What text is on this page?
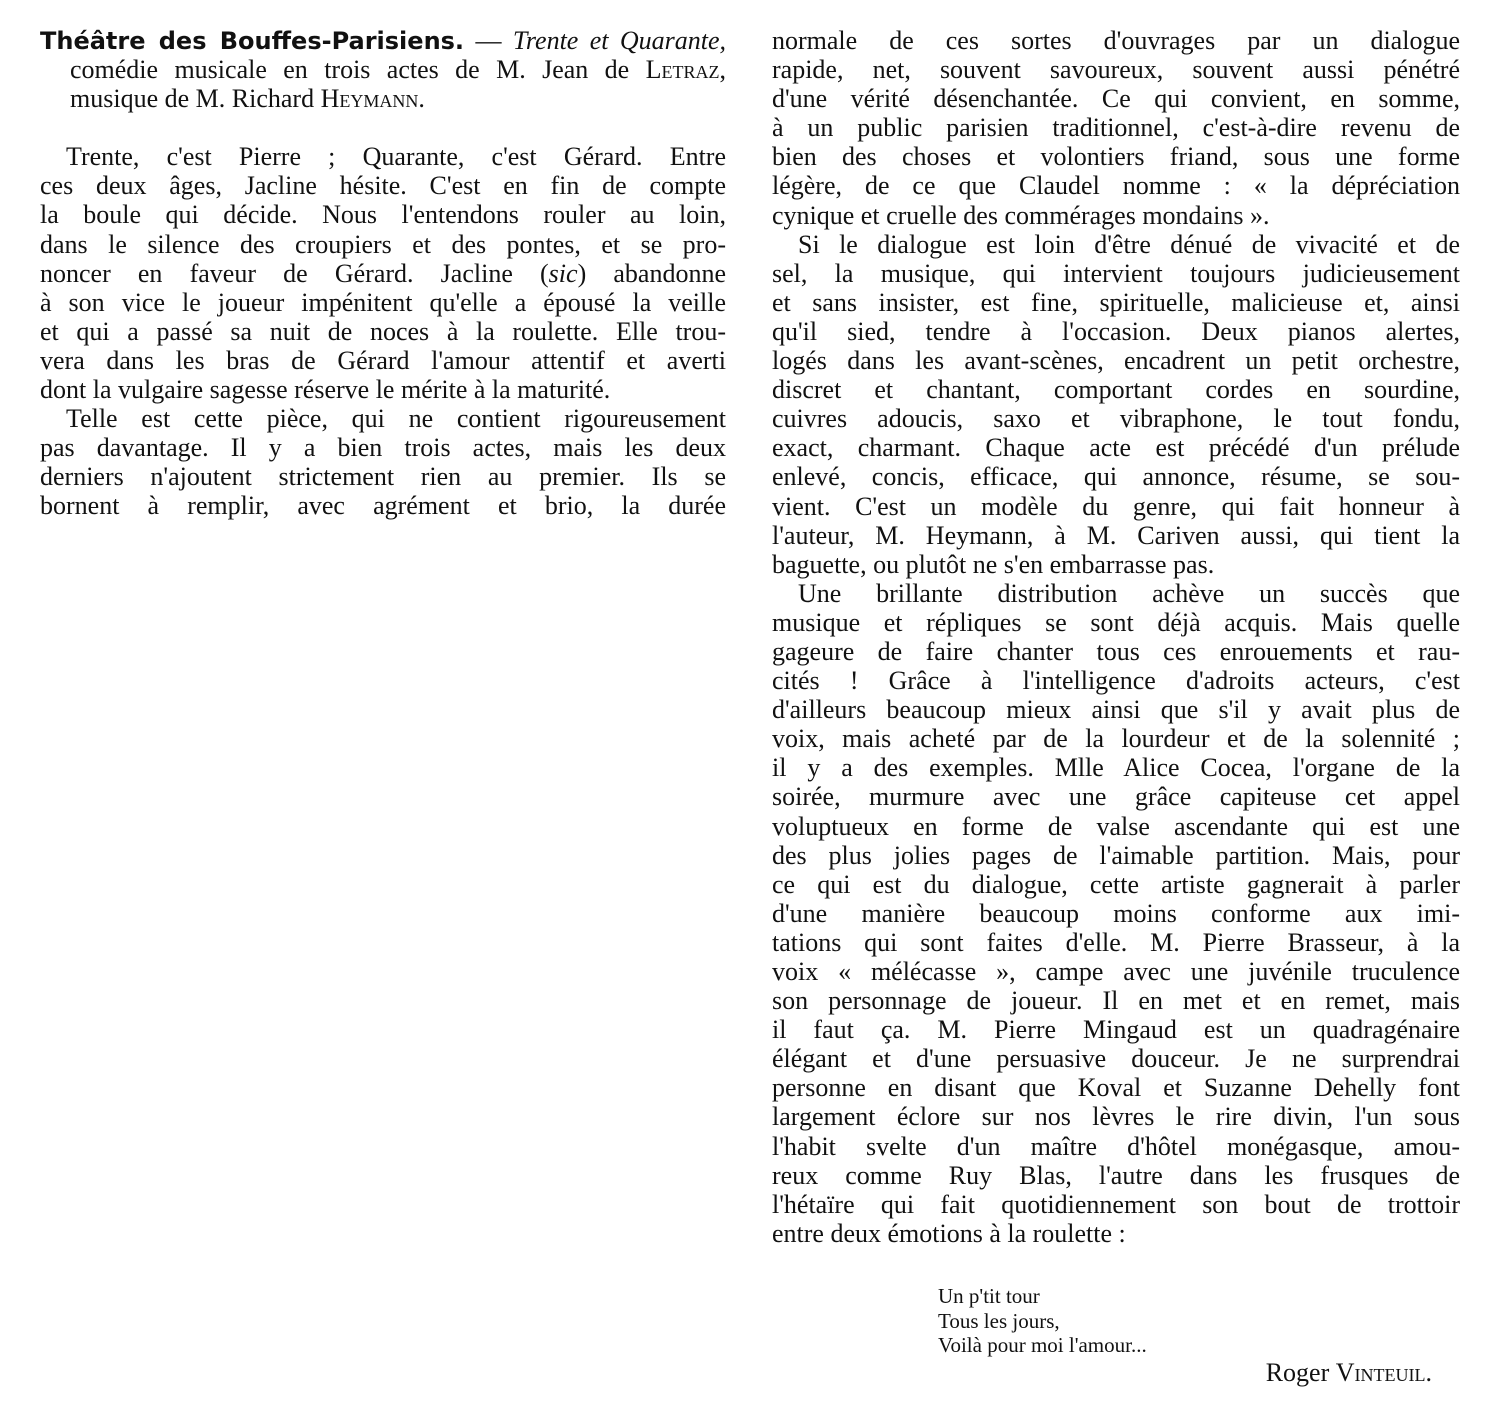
Théâtre des Bouffes-Parisiens. — Trente et Quarante,
comédie musicale en trois actes de M. Jean de Letraz,
musique de M. Richard Heymann.
Trente, c'est Pierre ; Quarante, c'est Gérard. Entre
ces deux âges, Jacline hésite. C'est en fin de compte
la boule qui décide. Nous l'entendons rouler au loin,
dans le silence des croupiers et des pontes, et se pro-
noncer en faveur de Gérard. Jacline (sic) abandonne
à son vice le joueur impénitent qu'elle a épousé la veille
et qui a passé sa nuit de noces à la roulette. Elle trou-
vera dans les bras de Gérard l'amour attentif et averti
dont la vulgaire sagesse réserve le mérite à la maturité.
Telle est cette pièce, qui ne contient rigoureusement
pas davantage. Il y a bien trois actes, mais les deux
derniers n'ajoutent strictement rien au premier. Ils se
bornent à remplir, avec agrément et brio, la durée
normale de ces sortes d'ouvrages par un dialogue
rapide, net, souvent savoureux, souvent aussi pénétré
d'une vérité désenchantée. Ce qui convient, en somme,
à un public parisien traditionnel, c'est-à-dire revenu de
bien des choses et volontiers friand, sous une forme
légère, de ce que Claudel nomme : « la dépréciation
cynique et cruelle des commérages mondains ».
Si le dialogue est loin d'être dénué de vivacité et de
sel, la musique, qui intervient toujours judicieusement
et sans insister, est fine, spirituelle, malicieuse et, ainsi
qu'il sied, tendre à l'occasion. Deux pianos alertes,
logés dans les avant-scènes, encadrent un petit orchestre,
discret et chantant, comportant cordes en sourdine,
cuivres adoucis, saxo et vibraphone, le tout fondu,
exact, charmant. Chaque acte est précédé d'un prélude
enlevé, concis, efficace, qui annonce, résume, se sou-
vient. C'est un modèle du genre, qui fait honneur à
l'auteur, M. Heymann, à M. Cariven aussi, qui tient la
baguette, ou plutôt ne s'en embarrasse pas.
Une brillante distribution achève un succès que
musique et répliques se sont déjà acquis. Mais quelle
gageure de faire chanter tous ces enrouements et rau-
cités ! Grâce à l'intelligence d'adroits acteurs, c'est
d'ailleurs beaucoup mieux ainsi que s'il y avait plus de
voix, mais acheté par de la lourdeur et de la solennité ;
il y a des exemples. Mlle Alice Cocea, l'organe de la
soirée, murmure avec une grâce capiteuse cet appel
voluptueux en forme de valse ascendante qui est une
des plus jolies pages de l'aimable partition. Mais, pour
ce qui est du dialogue, cette artiste gagnerait à parler
d'une manière beaucoup moins conforme aux imi-
tations qui sont faites d'elle. M. Pierre Brasseur, à la
voix « mélécasse », campe avec une juvénile truculence
son personnage de joueur. Il en met et en remet, mais
il faut ça. M. Pierre Mingaud est un quadragénaire
élégant et d'une persuasive douceur. Je ne surprendrai
personne en disant que Koval et Suzanne Dehelly font
largement éclore sur nos lèvres le rire divin, l'un sous
l'habit svelte d'un maître d'hôtel monégasque, amou-
reux comme Ruy Blas, l'autre dans les frusques de
l'hétaïre qui fait quotidiennement son bout de trottoir
entre deux émotions à la roulette :
Un p'tit tour
Tous les jours,
Voilà pour moi l'amour...
Roger Vinteuil.
